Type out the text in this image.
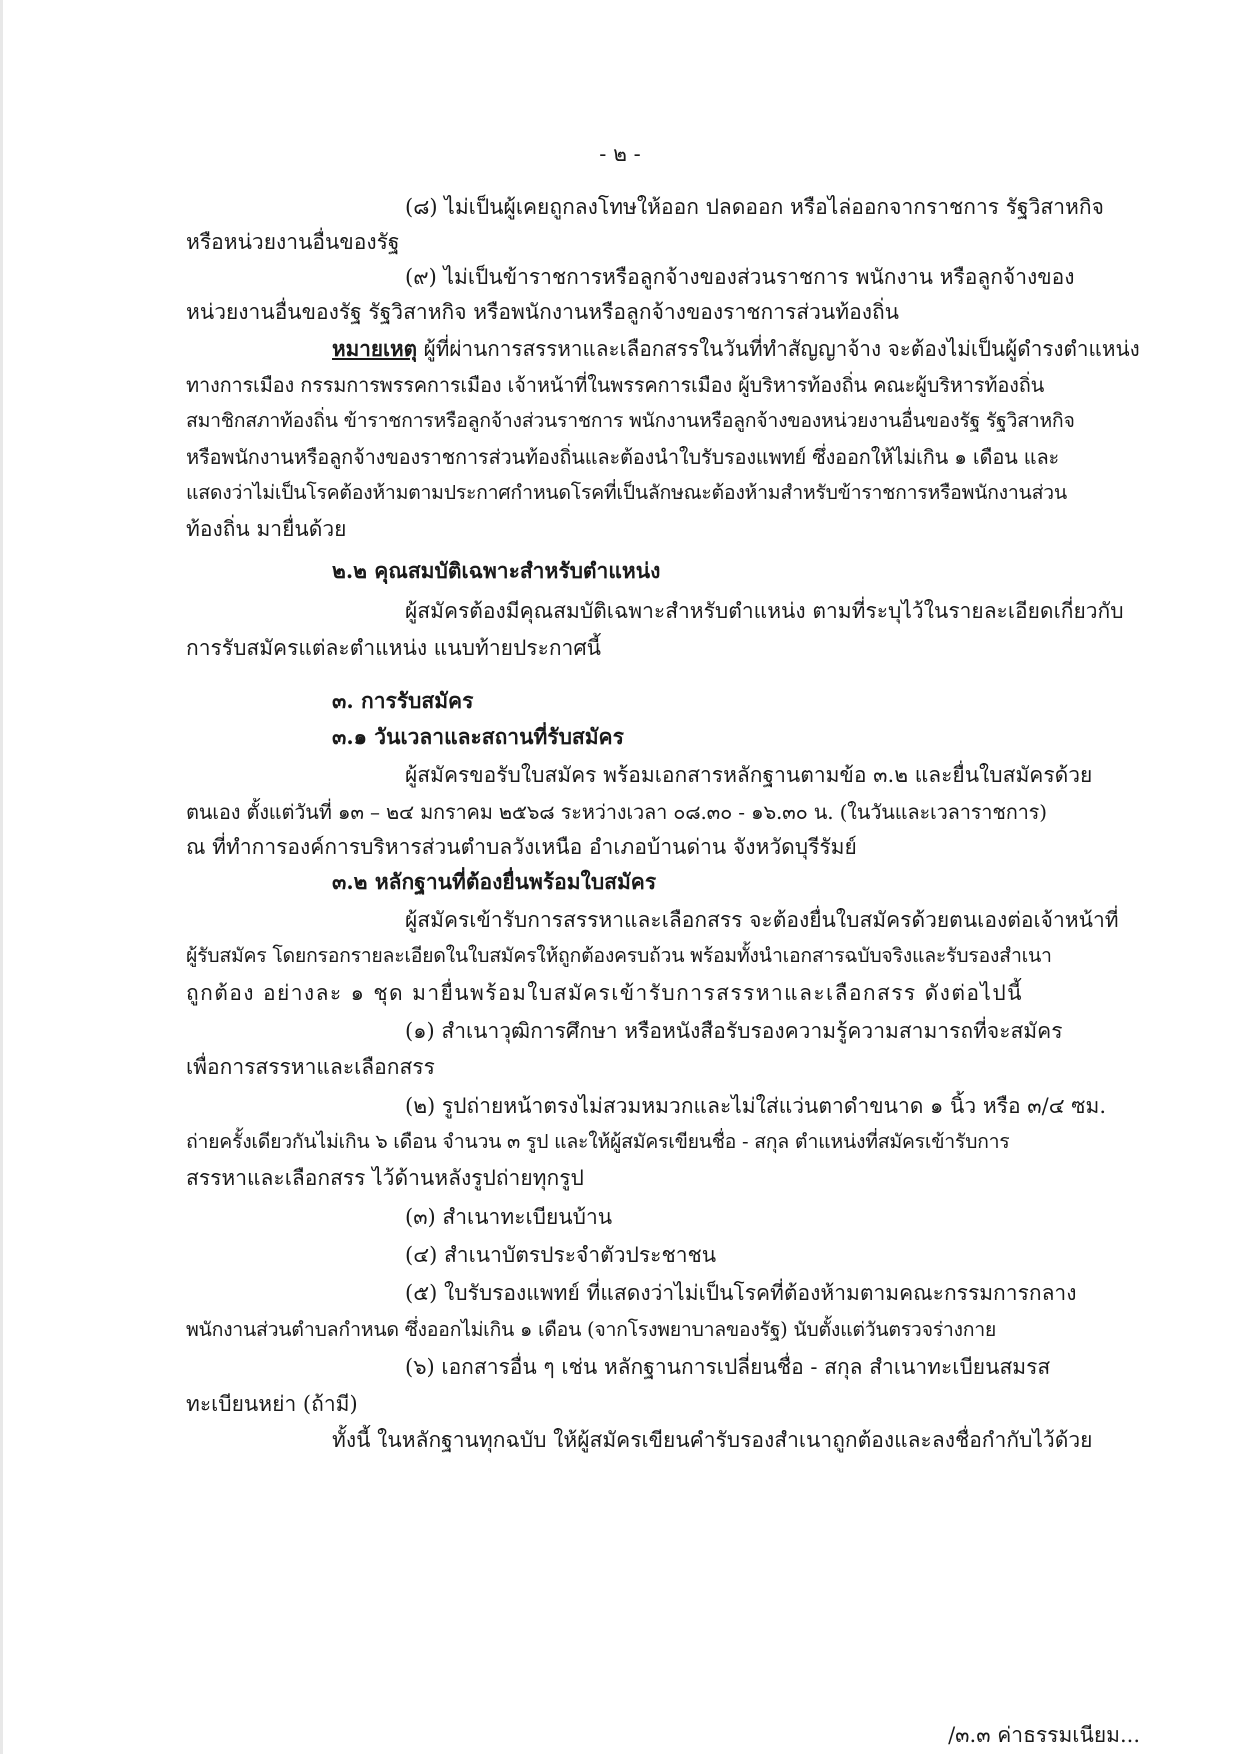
- ๒ -
(๘) ไม่เป็นผู้เคยถูกลงโทษให้ออก ปลดออก หรือไล่ออกจากราชการ รัฐวิสาหกิจ
หรือหน่วยงานอื่นของรัฐ
(๙) ไม่เป็นข้าราชการหรือลูกจ้างของส่วนราชการ พนักงาน หรือลูกจ้างของ
หน่วยงานอื่นของรัฐ รัฐวิสาหกิจ หรือพนักงานหรือลูกจ้างของราชการส่วนท้องถิ่น
หมายเหตุ ผู้ที่ผ่านการสรรหาและเลือกสรรในวันที่ทำสัญญาจ้าง จะต้องไม่เป็นผู้ดำรงตำแหน่ง
ทางการเมือง กรรมการพรรคการเมือง เจ้าหน้าที่ในพรรคการเมือง ผู้บริหารท้องถิ่น คณะผู้บริหารท้องถิ่น
สมาชิกสภาท้องถิ่น ข้าราชการหรือลูกจ้างส่วนราชการ พนักงานหรือลูกจ้างของหน่วยงานอื่นของรัฐ รัฐวิสาหกิจ
หรือพนักงานหรือลูกจ้างของราชการส่วนท้องถิ่นและต้องนำใบรับรองแพทย์ ซึ่งออกให้ไม่เกิน ๑ เดือน และ
แสดงว่าไม่เป็นโรคต้องห้ามตามประกาศกำหนดโรคที่เป็นลักษณะต้องห้ามสำหรับข้าราชการหรือพนักงานส่วน
ท้องถิ่น มายื่นด้วย
๒.๒ คุณสมบัติเฉพาะสำหรับตำแหน่ง
ผู้สมัครต้องมีคุณสมบัติเฉพาะสำหรับตำแหน่ง ตามที่ระบุไว้ในรายละเอียดเกี่ยวกับ
การรับสมัครแต่ละตำแหน่ง แนบท้ายประกาศนี้
๓. การรับสมัคร
๓.๑ วันเวลาและสถานที่รับสมัคร
ผู้สมัครขอรับใบสมัคร พร้อมเอกสารหลักฐานตามข้อ ๓.๒ และยื่นใบสมัครด้วย
ตนเอง ตั้งแต่วันที่ ๑๓ – ๒๔ มกราคม ๒๕๖๘ ระหว่างเวลา ๐๘.๓๐ - ๑๖.๓๐ น. (ในวันและเวลาราชการ)
ณ ที่ทำการองค์การบริหารส่วนตำบลวังเหนือ อำเภอบ้านด่าน จังหวัดบุรีรัมย์
๓.๒ หลักฐานที่ต้องยื่นพร้อมใบสมัคร
ผู้สมัครเข้ารับการสรรหาและเลือกสรร จะต้องยื่นใบสมัครด้วยตนเองต่อเจ้าหน้าที่
ผู้รับสมัคร โดยกรอกรายละเอียดในใบสมัครให้ถูกต้องครบถ้วน พร้อมทั้งนำเอกสารฉบับจริงและรับรองสำเนา
ถูกต้อง อย่างละ ๑ ชุด มายื่นพร้อมใบสมัครเข้ารับการสรรหาและเลือกสรร ดังต่อไปนี้
(๑) สำเนาวุฒิการศึกษา หรือหนังสือรับรองความรู้ความสามารถที่จะสมัคร
เพื่อการสรรหาและเลือกสรร
(๒) รูปถ่ายหน้าตรงไม่สวมหมวกและไม่ใส่แว่นตาดำขนาด ๑ นิ้ว หรือ ๓/๔ ซม.
ถ่ายครั้งเดียวกันไม่เกิน ๖ เดือน จำนวน ๓ รูป และให้ผู้สมัครเขียนชื่อ - สกุล ตำแหน่งที่สมัครเข้ารับการ
สรรหาและเลือกสรร ไว้ด้านหลังรูปถ่ายทุกรูป
(๓) สำเนาทะเบียนบ้าน
(๔) สำเนาบัตรประจำตัวประชาชน
(๕) ใบรับรองแพทย์ ที่แสดงว่าไม่เป็นโรคที่ต้องห้ามตามคณะกรรมการกลาง
พนักงานส่วนตำบลกำหนด ซึ่งออกไม่เกิน ๑ เดือน (จากโรงพยาบาลของรัฐ) นับตั้งแต่วันตรวจร่างกาย
(๖) เอกสารอื่น ๆ เช่น หลักฐานการเปลี่ยนชื่อ - สกุล สำเนาทะเบียนสมรส
ทะเบียนหย่า (ถ้ามี)
ทั้งนี้ ในหลักฐานทุกฉบับ ให้ผู้สมัครเขียนคำรับรองสำเนาถูกต้องและลงชื่อกำกับไว้ด้วย
/๓.๓ ค่าธรรมเนียม...
